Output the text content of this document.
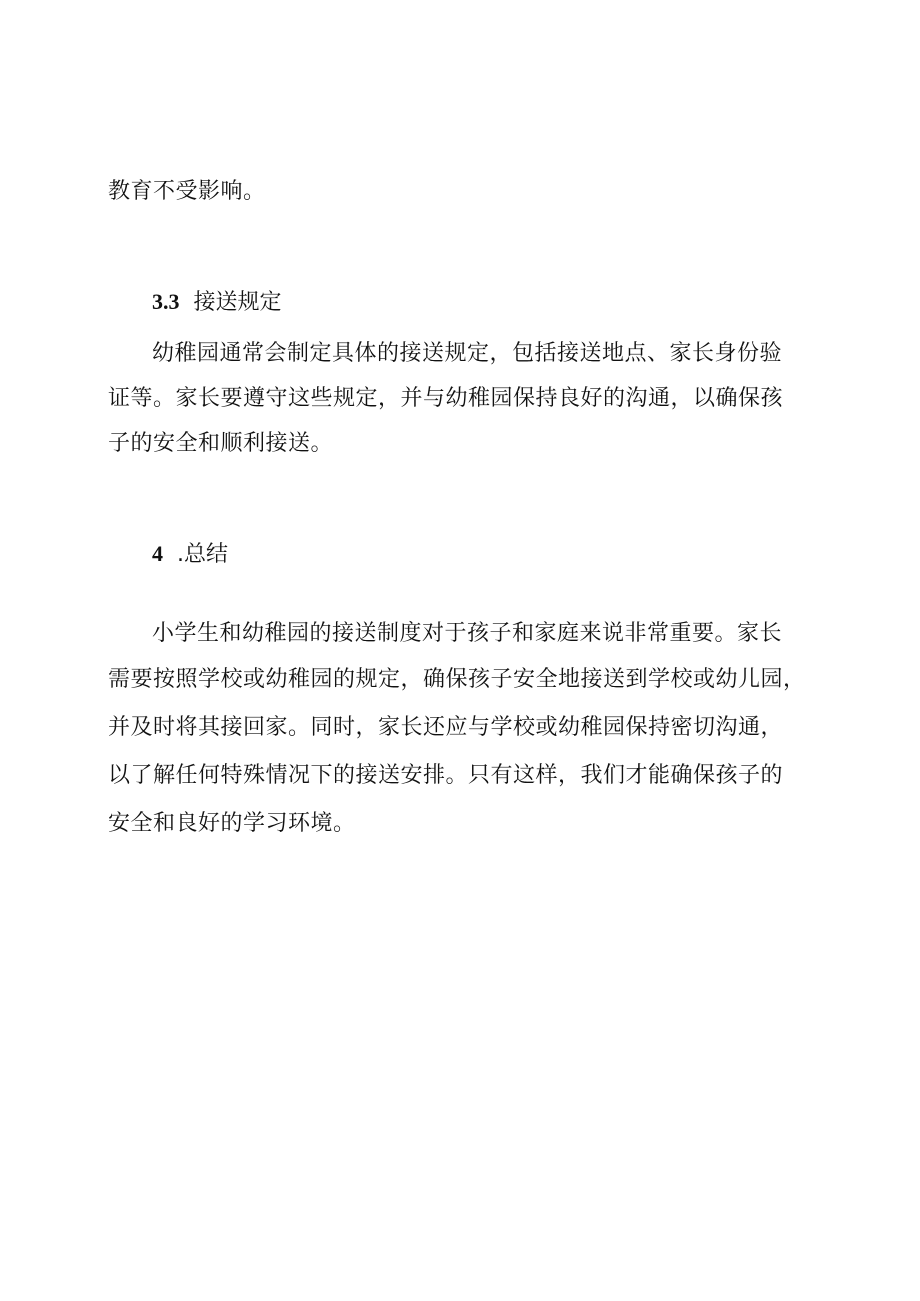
教育不受影响。
3.3 接送规定
幼稚园通常会制定具体的接送规定，包括接送地点、家长身份验
证等。家长要遵守这些规定，并与幼稚园保持良好的沟通，以确保孩
子的安全和顺利接送。
4 .总结
小学生和幼稚园的接送制度对于孩子和家庭来说非常重要。家长
需要按照学校或幼稚园的规定，确保孩子安全地接送到学校或幼儿园，
并及时将其接回家。同时，家长还应与学校或幼稚园保持密切沟通，
以了解任何特殊情况下的接送安排。只有这样，我们才能确保孩子的
安全和良好的学习环境。
